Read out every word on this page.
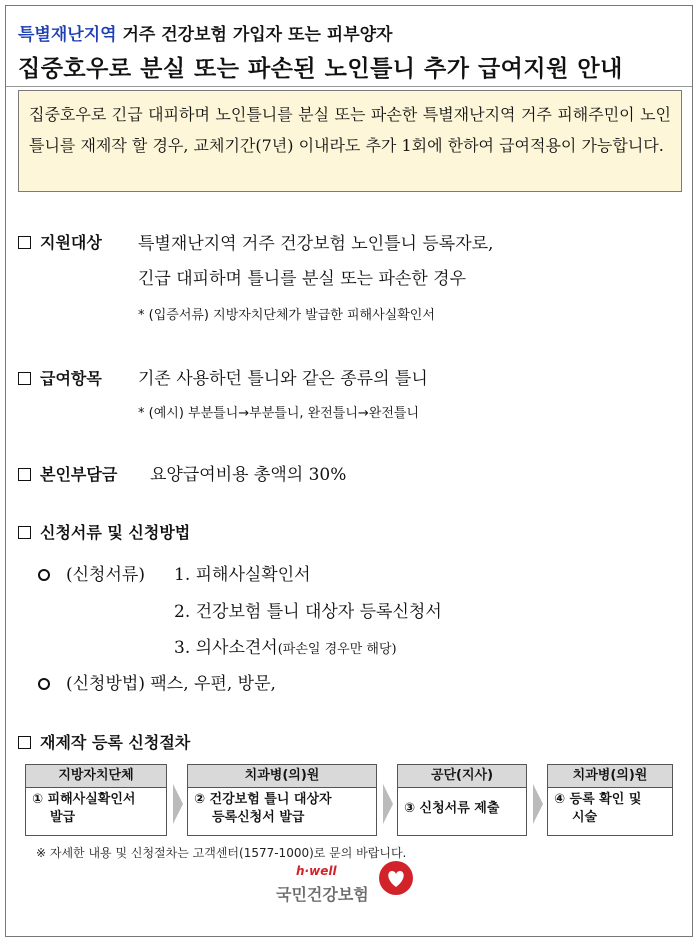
특별재난지역 거주 건강보험 가입자 또는 피부양자
집중호우로 분실 또는 파손된 노인틀니 추가 급여지원 안내
집중호우로 긴급 대피하며 노인틀니를 분실 또는 파손한 특별재난지역 거주 피해주민이 노인틀니를 재제작 할 경우, 교체기간(7년) 이내라도 추가 1회에 한하여 급여적용이 가능합니다.
지원대상 특별재난지역 거주 건강보험 노인틀니 등록자로,
긴급 대피하며 틀니를 분실 또는 파손한 경우
* (입증서류) 지방자치단체가 발급한 피해사실확인서
급여항목 기존 사용하던 틀니와 같은 종류의 틀니
* (예시) 부분틀니→부분틀니, 완전틀니→완전틀니
본인부담금 요양급여비용 총액의 30%
신청서류 및 신청방법
(신청서류) 1. 피해사실확인서
2. 건강보험 틀니 대상자 등록신청서
3. 의사소견서(파손일 경우만 해당)
(신청방법) 팩스, 우편, 방문,
재제작 등록 신청절차
지방자치단체
① 피해사실확인서
발급
치과병(의)원
② 건강보험 틀니 대상자
등록신청서 발급
공단(지사)
③ 신청서류 제출
치과병(의)원
④ 등록 확인 및
시술
※ 자세한 내용 및 신청절차는 고객센터(1577-1000)로 문의 바랍니다.
h·well
국민건강보험
